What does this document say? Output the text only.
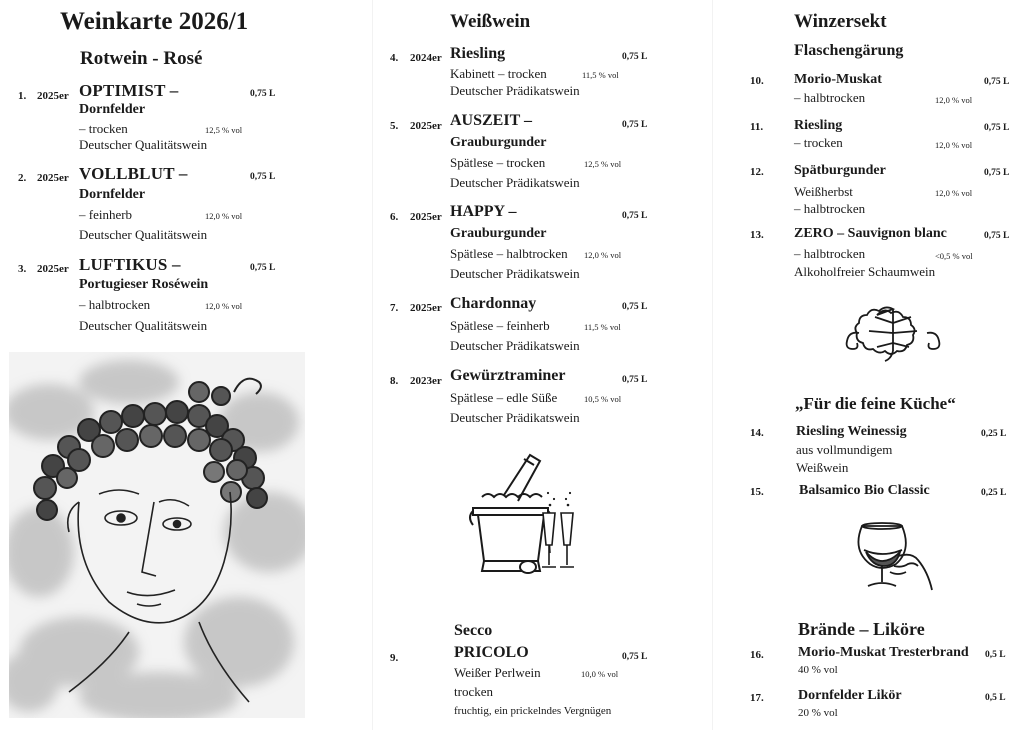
Weinkarte 2026/1
Rotwein - Rosé
1. 2025er OPTIMIST –	0,75 L
Dornfelder
– trocken	12,5 % vol
Deutscher Qualitätswein
2. 2025er VOLLBLUT –	0,75 L
Dornfelder
– feinherb	12,0 % vol
Deutscher Qualitätswein
3. 2025er LUFTIKUS –	0,75 L
Portugieser Roséwein
– halbtrocken	12,0 % vol
Deutscher Qualitätswein
Weißwein
4. 2024er Riesling	0,75 L
Kabinett – trocken	11,5 % vol
Deutscher Prädikatswein
5. 2025er AUSZEIT –	0,75 L
Grauburgunder
Spätlese – trocken	12,5 % vol
Deutscher Prädikatswein
6. 2025er HAPPY –	0,75 L
Grauburgunder
Spätlese – halbtrocken 12,0 % vol
Deutscher Prädikatswein
7. 2025er Chardonnay	0,75 L
Spätlese – feinherb	11,5 % vol
Deutscher Prädikatswein
8. 2023er Gewürztraminer	0,75 L
Spätlese – edle Süße	10,5 % vol
Deutscher Prädikatswein
Secco
9.	PRICOLO	0,75 L
Weißer Perlwein	10,0 % vol
trocken
fruchtig, ein prickelndes Vergnügen
Winzersekt
Flaschengärung
10. Morio-Muskat	0,75 L
– halbtrocken	12,0 % vol
11. Riesling	0,75 L
– trocken	12,0 % vol
12. Spätburgunder	0,75 L
Weißherbst	12,0 % vol
– halbtrocken
13. ZERO – Sauvignon blanc	0,75 L
– halbtrocken	<0,5 % vol
Alkoholfreier Schaumwein
„Für die feine Küche“
14. Riesling Weinessig	0,25 L
aus vollmundigem
Weißwein
15.	Balsamico Bio Classic	0,25 L
Brände – Liköre
16. Morio-Muskat Tresterbrand 0,5 L
40 % vol
17. Dornfelder Likör	0,5 L
20 % vol
